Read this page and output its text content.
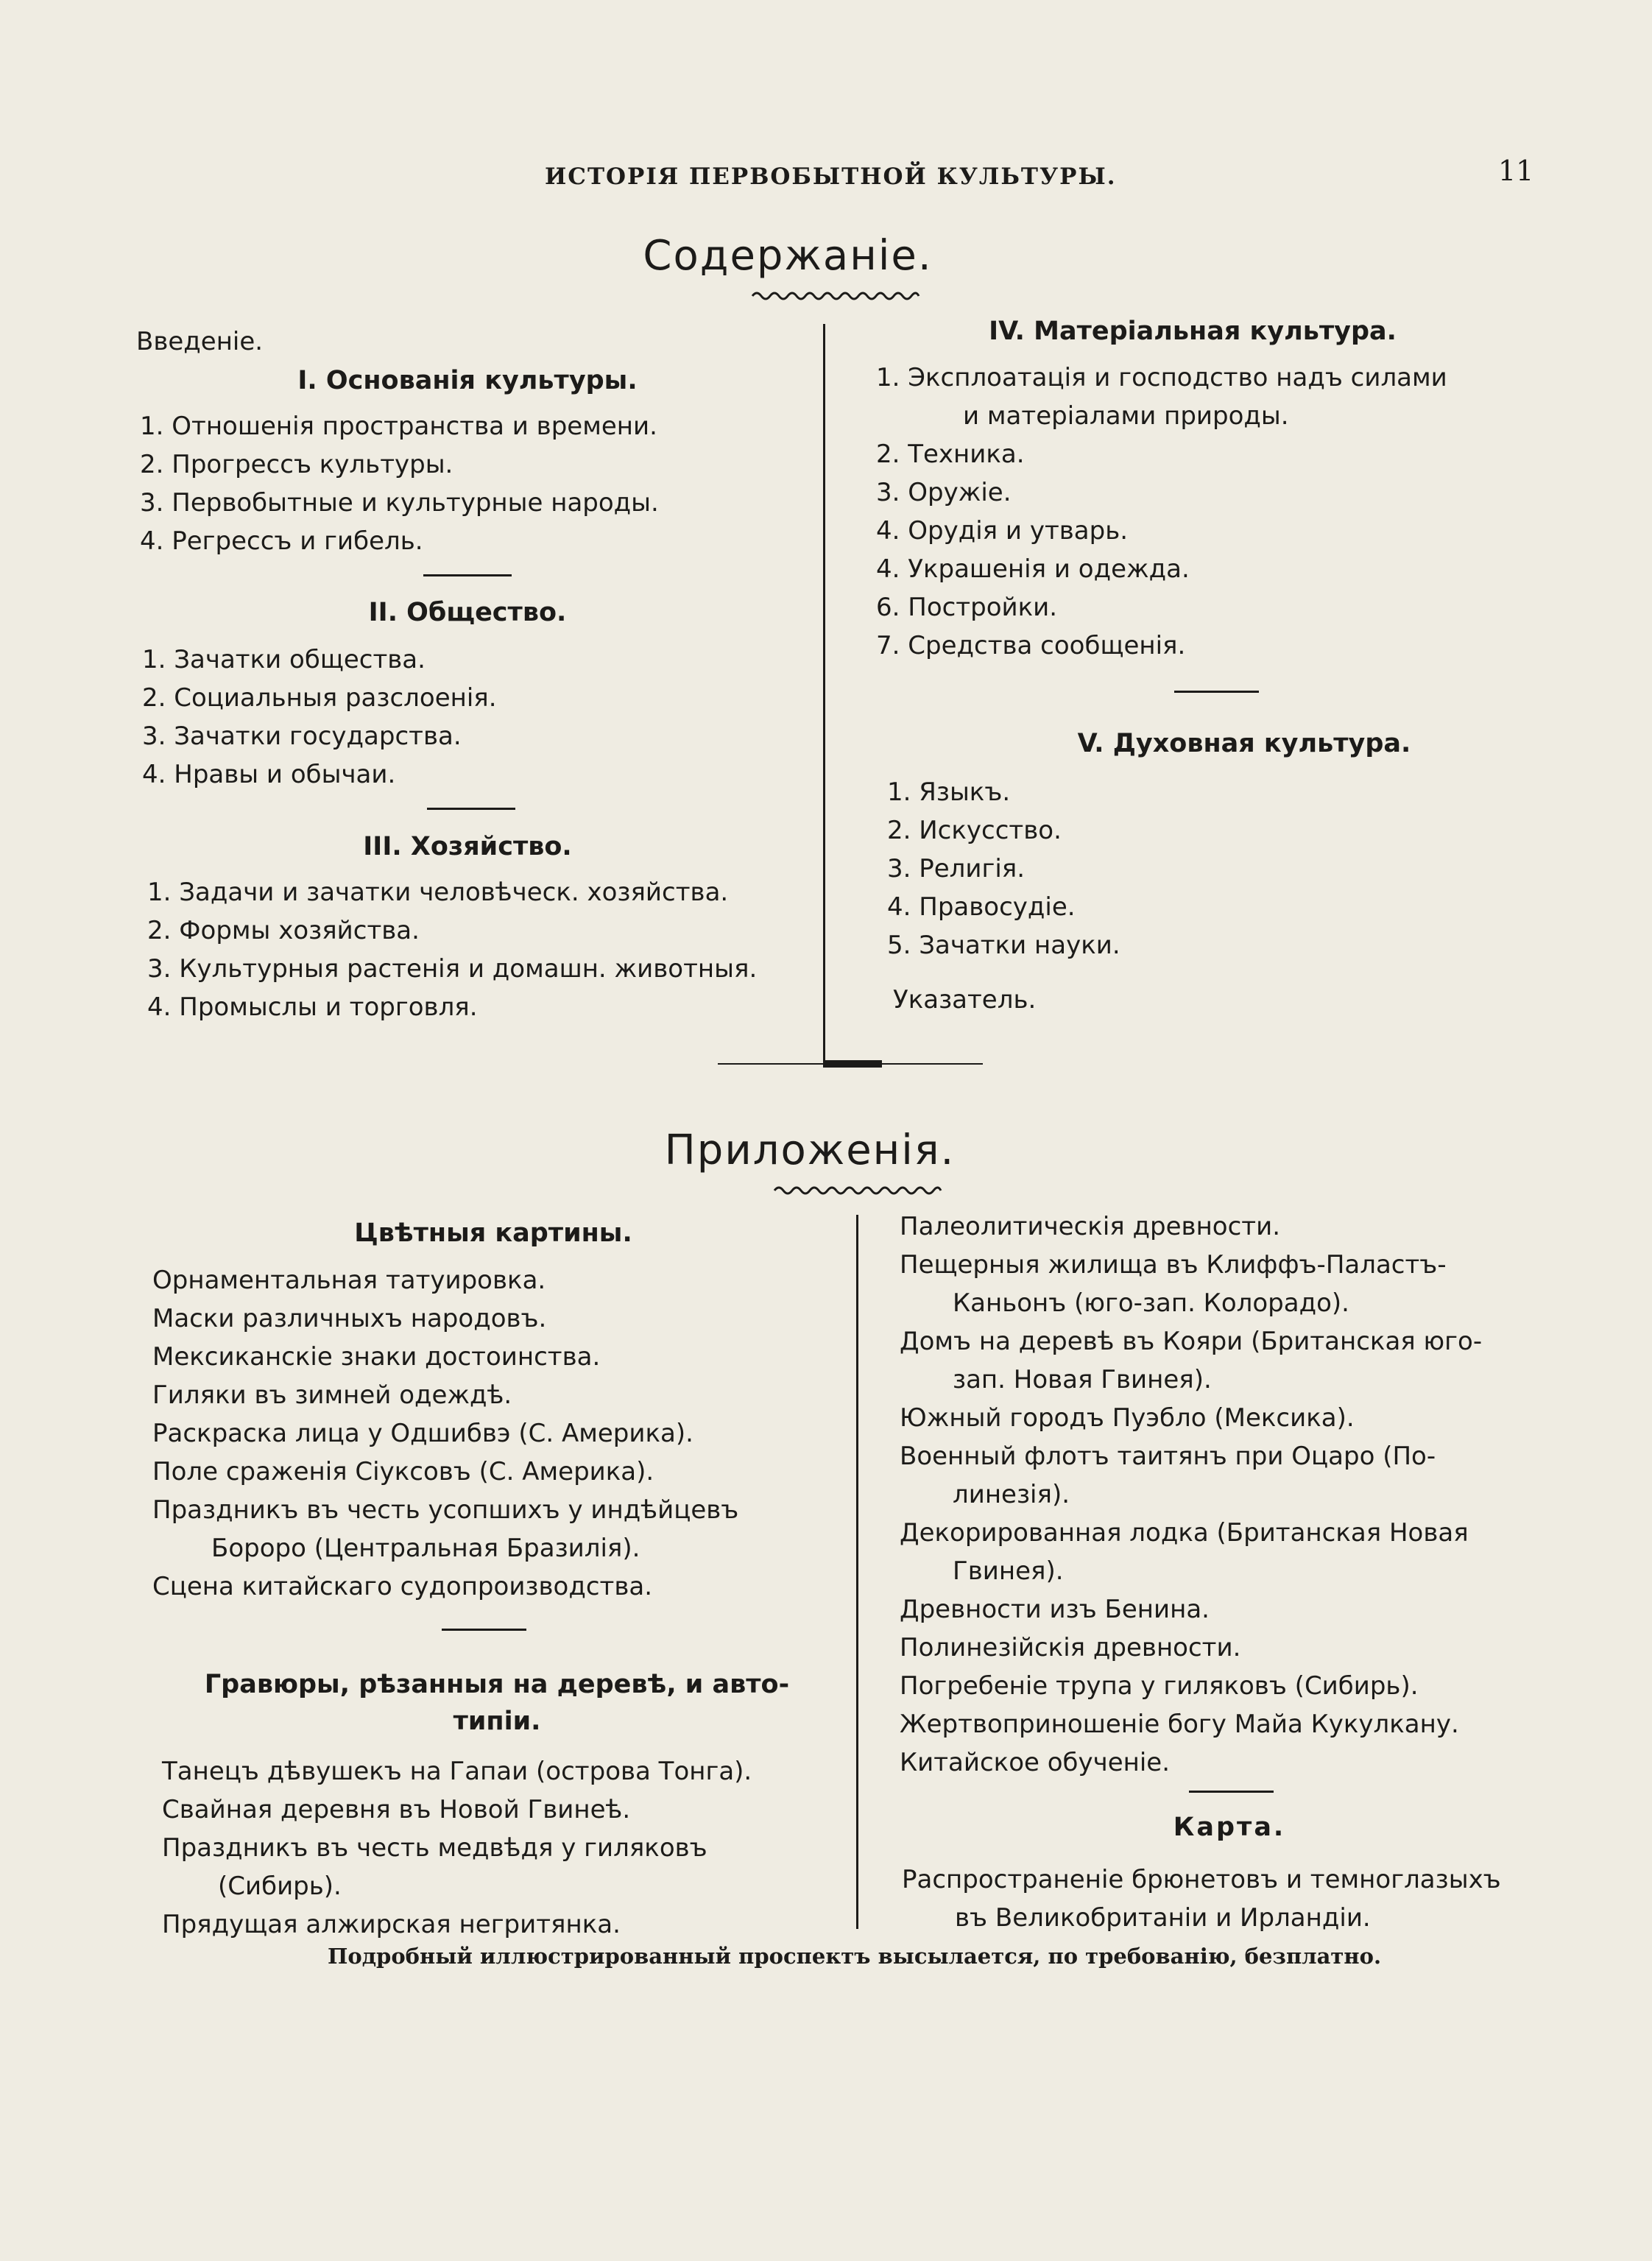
ИСТОРІЯ ПЕРВОБЫТНОЙ КУЛЬТУРЫ.	11
Содержаніе.
Введеніе.
I. Основанія культуры.
1. Отношенія пространства и времени.
2. Прогрессъ культуры.
3. Первобытные и культурные народы.
4. Регрессъ и гибель.
II. Общество.
1. Зачатки общества.
2. Социальныя разслоенія.
3. Зачатки государства.
4. Нравы и обычаи.
III. Хозяйство.
1. Задачи и зачатки человѣческ. хозяйства.
2. Формы хозяйства.
3. Культурныя растенія и домашн. животныя.
4. Промыслы и торговля.
IV. Матеріальная культура.
1. Эксплоатація и господство надъ силами
и матеріалами природы.
2. Техника.
3. Оружіе.
4. Орудія и утварь.
4. Украшенія и одежда.
6. Постройки.
7. Средства сообщенія.
V. Духовная культура.
1. Языкъ.
2. Искусство.
3. Религія.
4. Правосудіе.
5. Зачатки науки.
Указатель.
Приложенія.
Цвѣтныя картины.
Орнаментальная татуировка.
Маски различныхъ народовъ.
Мексиканскіе знаки достоинства.
Гиляки въ зимней одеждѣ.
Раскраска лица у Одшибвэ (С. Америка).
Поле сраженія Сіуксовъ (С. Америка).
Праздникъ въ честь усопшихъ у индѣйцевъ
Бороро (Центральная Бразилія).
Сцена китайскаго судопроизводства.
Гравюры, рѣзанныя на деревѣ, и авто-
типіи.
Танецъ дѣвушекъ на Гапаи (острова Тонга).
Свайная деревня въ Новой Гвинеѣ.
Праздникъ въ честь медвѣдя у гиляковъ
(Сибирь).
Прядущая алжирская негритянка.
Палеолитическія древности.
Пещерныя жилища въ Клиффъ-Паластъ-
Каньонъ (юго-зап. Колорадо).
Домъ на деревѣ въ Кояри (Британская юго-
зап. Новая Гвинея).
Южный городъ Пуэбло (Мексика).
Военный флотъ таитянъ при Оцаро (По-
линезія).
Декорированная лодка (Британская Новая
Гвинея).
Древности изъ Бенина.
Полинезійскія древности.
Погребеніе трупа у гиляковъ (Сибирь).
Жертвоприношеніе богу Майа Кукулкану.
Китайское обученіе.
Карта.
Распространеніе брюнетовъ и темноглазыхъ
въ Великобританіи и Ирландіи.
Подробный иллюстрированный проспектъ высылается, по требованію, безплатно.
